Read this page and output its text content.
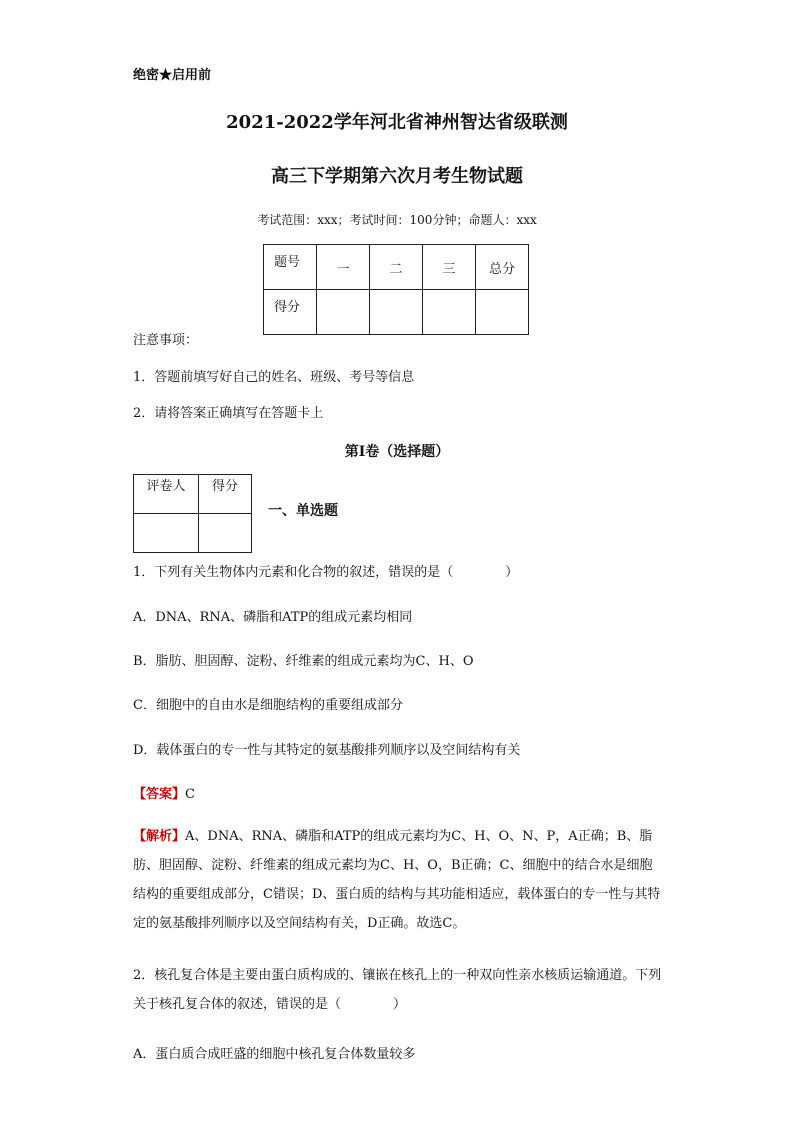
绝密★启用前
2021-2022学年河北省神州智达省级联测
高三下学期第六次月考生物试题
考试范围：xxx；考试时间：100分钟；命题人：xxx
题号	一	二	三	总分
得分				
注意事项：
1．答题前填写好自己的姓名、班级、考号等信息
2．请将答案正确填写在答题卡上
第I卷（选择题）
评卷人	得分

一、单选题
1．下列有关生物体内元素和化合物的叙述，错误的是（　　　　）
A．DNA、RNA、磷脂和ATP的组成元素均相同
B．脂肪、胆固醇、淀粉、纤维素的组成元素均为C、H、O
C．细胞中的自由水是细胞结构的重要组成部分
D．载体蛋白的专一性与其特定的氨基酸排列顺序以及空间结构有关
【答案】C
【解析】A、DNA、RNA、磷脂和ATP的组成元素均为C、H、O、N、P，A正确；B、脂肪、胆固醇、淀粉、纤维素的组成元素均为C、H、O，B正确；C、细胞中的结合水是细胞结构的重要组成部分，C错误；D、蛋白质的结构与其功能相适应，载体蛋白的专一性与其特定的氨基酸排列顺序以及空间结构有关，D正确。故选C。
2．核孔复合体是主要由蛋白质构成的、镶嵌在核孔上的一种双向性亲水核质运输通道。下列关于核孔复合体的叙述，错误的是（　　　　）
A．蛋白质合成旺盛的细胞中核孔复合体数量较多
